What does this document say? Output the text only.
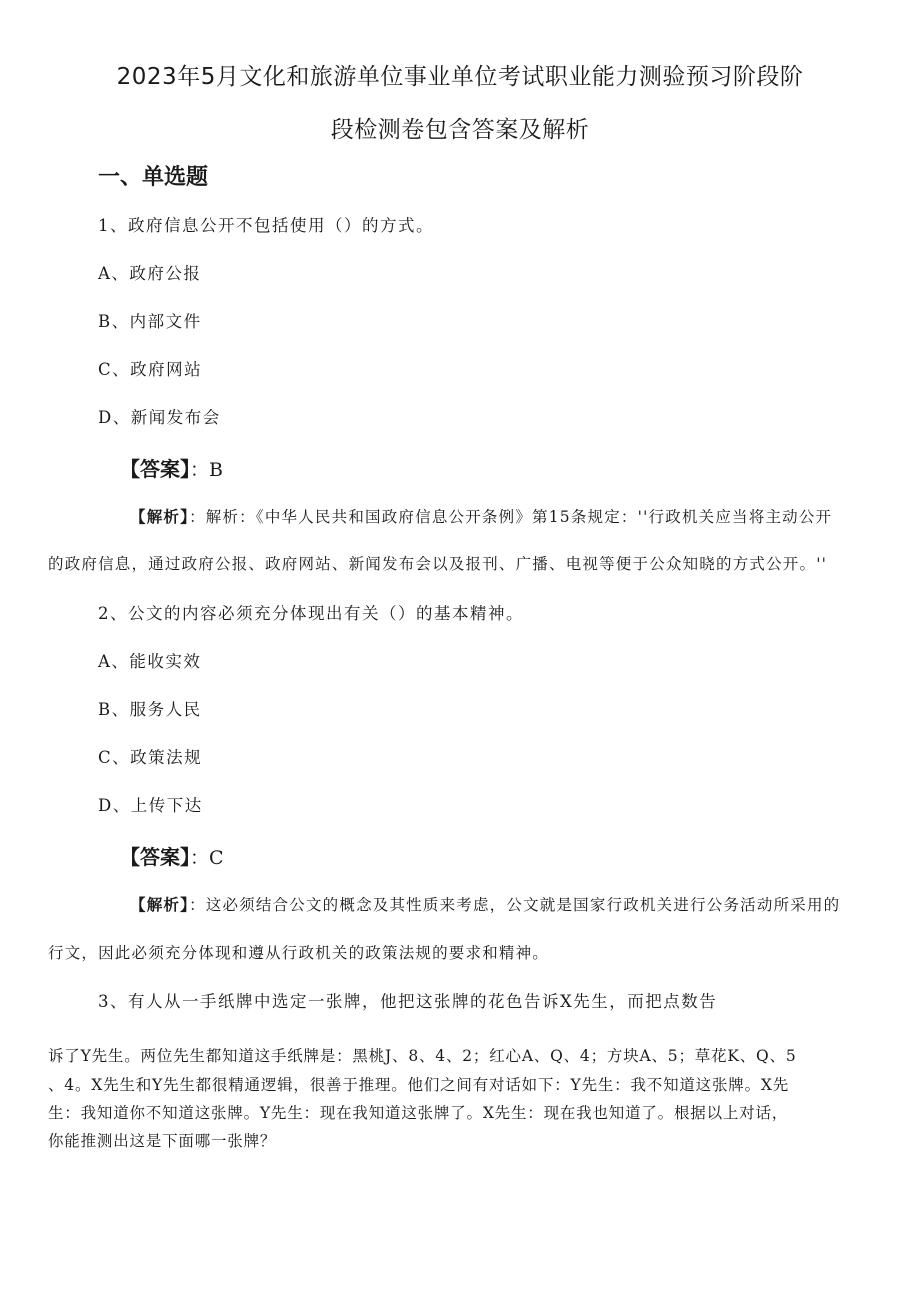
2023年5月文化和旅游单位事业单位考试职业能力测验预习阶段阶
段检测卷包含答案及解析
一、单选题
1、政府信息公开不包括使用（）的方式。
A、政府公报
B、内部文件
C、政府网站
D、新闻发布会
【答案】：B
【解析】：解析：《中华人民共和国政府信息公开条例》第15条规定：''行政机关应当将主动公开
的政府信息，通过政府公报、政府网站、新闻发布会以及报刊、广播、电视等便于公众知晓的方式公开。''
2、公文的内容必须充分体现出有关（）的基本精神。
A、能收实效
B、服务人民
C、政策法规
D、上传下达
【答案】：C
【解析】：这必须结合公文的概念及其性质来考虑，公文就是国家行政机关进行公务活动所采用的
行文，因此必须充分体现和遵从行政机关的政策法规的要求和精神。
3、有人从一手纸牌中选定一张牌，他把这张牌的花色告诉X先生，而把点数告
诉了Y先生。两位先生都知道这手纸牌是：黑桃J、8、4、2；红心A、Q、4；方块A、5；草花K、Q、5
、4。X先生和Y先生都很精通逻辑，很善于推理。他们之间有对话如下：Y先生：我不知道这张牌。X先
生：我知道你不知道这张牌。Y先生：现在我知道这张牌了。X先生：现在我也知道了。根据以上对话，
你能推测出这是下面哪一张牌？
